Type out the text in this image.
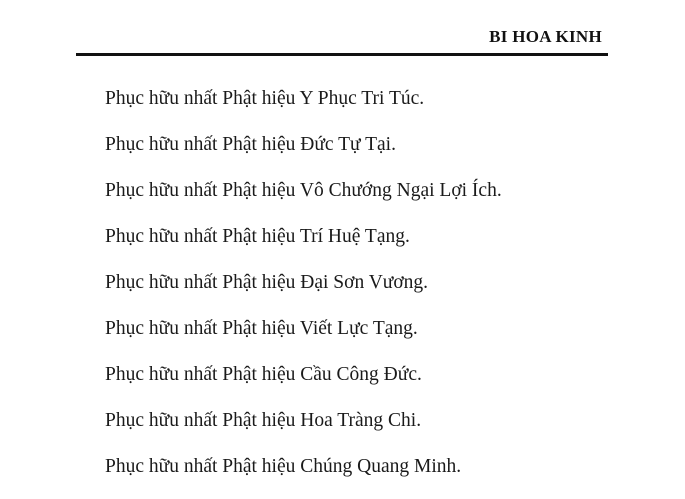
BI HOA KINH
Phục hữu nhất Phật hiệu Y Phục Tri Túc.
Phục hữu nhất Phật hiệu Đức Tự Tại.
Phục hữu nhất Phật hiệu Vô Chướng Ngại Lợi Ích.
Phục hữu nhất Phật hiệu Trí Huệ Tạng.
Phục hữu nhất Phật hiệu Đại Sơn Vương.
Phục hữu nhất Phật hiệu Viết Lực Tạng.
Phục hữu nhất Phật hiệu Cầu Công Đức.
Phục hữu nhất Phật hiệu Hoa Tràng Chi.
Phục hữu nhất Phật hiệu Chúng Quang Minh.
